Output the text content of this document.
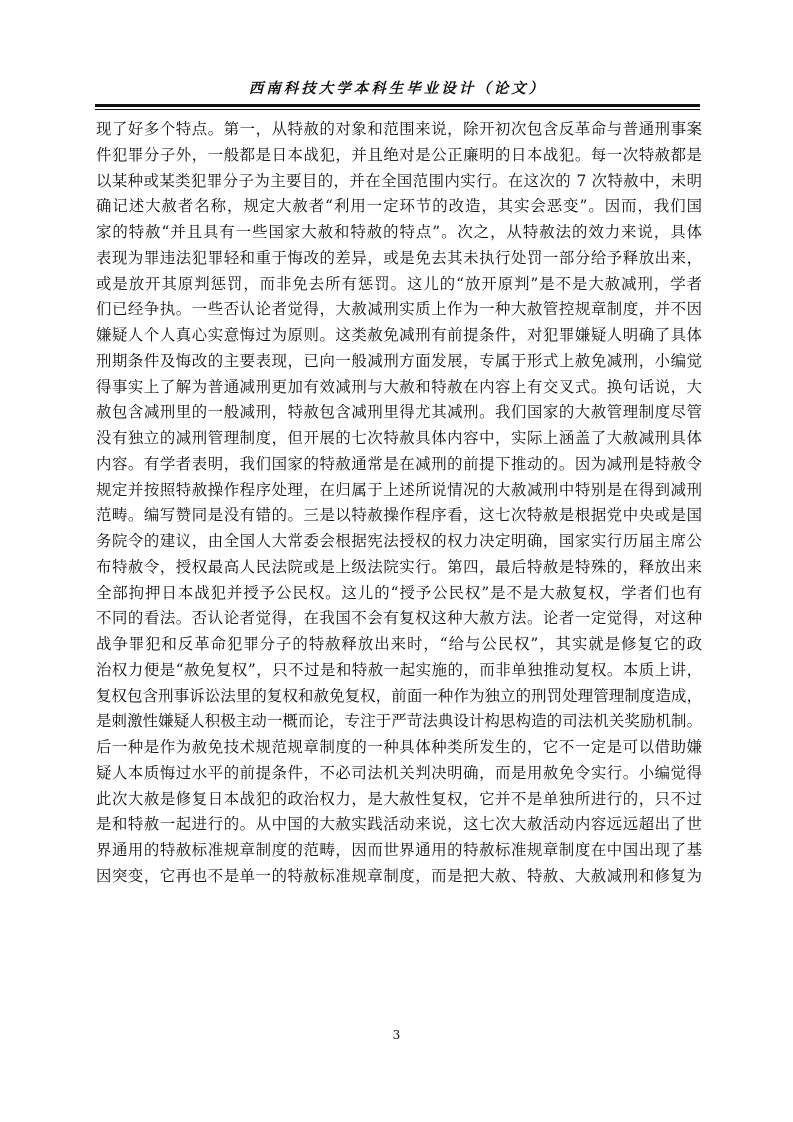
西南科技大学本科生毕业设计（论文）
现了好多个特点。第一，从特赦的对象和范围来说，除开初次包含反革命与普通刑事案
件犯罪分子外，一般都是日本战犯，并且绝对是公正廉明的日本战犯。每一次特赦都是
以某种或某类犯罪分子为主要目的，并在全国范围内实行。在这次的 7 次特赦中，未明
确记述大赦者名称，规定大赦者“利用一定环节的改造，其实会恶变”。因而，我们国
家的特赦“并且具有一些国家大赦和特赦的特点”。次之，从特赦法的效力来说，具体
表现为罪违法犯罪轻和重于悔改的差异，或是免去其未执行处罚一部分给予释放出来，
或是放开其原判惩罚，而非免去所有惩罚。这儿的“放开原判”是不是大赦减刑，学者
们已经争执。一些否认论者觉得，大赦减刑实质上作为一种大赦管控规章制度，并不因
嫌疑人个人真心实意悔过为原则。这类赦免减刑有前提条件，对犯罪嫌疑人明确了具体
刑期条件及悔改的主要表现，已向一般减刑方面发展，专属于形式上赦免减刑，小编觉
得事实上了解为普通减刑更加有效减刑与大赦和特赦在内容上有交叉式。换句话说，大
赦包含减刑里的一般减刑，特赦包含减刑里得尤其减刑。我们国家的大赦管理制度尽管
没有独立的减刑管理制度，但开展的七次特赦具体内容中，实际上涵盖了大赦减刑具体
内容。有学者表明，我们国家的特赦通常是在减刑的前提下推动的。因为减刑是特赦令
规定并按照特赦操作程序处理，在归属于上述所说情况的大赦减刑中特别是在得到减刑
范畴。编写赞同是没有错的。三是以特赦操作程序看，这七次特赦是根据党中央或是国
务院令的建议，由全国人大常委会根据宪法授权的权力决定明确，国家实行历届主席公
布特赦令，授权最高人民法院或是上级法院实行。第四，最后特赦是特殊的，释放出来
全部拘押日本战犯并授予公民权。这儿的“授予公民权”是不是大赦复权，学者们也有
不同的看法。否认论者觉得，在我国不会有复权这种大赦方法。论者一定觉得，对这种
战争罪犯和反革命犯罪分子的特赦释放出来时，“给与公民权”，其实就是修复它的政
治权力便是“赦免复权”，只不过是和特赦一起实施的，而非单独推动复权。本质上讲，
复权包含刑事诉讼法里的复权和赦免复权，前面一种作为独立的刑罚处理管理制度造成，
是刺激性嫌疑人积极主动一概而论，专注于严苛法典设计构思构造的司法机关奖励机制。
后一种是作为赦免技术规范规章制度的一种具体种类所发生的，它不一定是可以借助嫌
疑人本质悔过水平的前提条件，不必司法机关判决明确，而是用赦免令实行。小编觉得
此次大赦是修复日本战犯的政治权力，是大赦性复权，它并不是单独所进行的，只不过
是和特赦一起进行的。从中国的大赦实践活动来说，这七次大赦活动内容远远超出了世
界通用的特赦标准规章制度的范畴，因而世界通用的特赦标准规章制度在中国出现了基
因突变，它再也不是单一的特赦标准规章制度，而是把大赦、特赦、大赦减刑和修复为
3
